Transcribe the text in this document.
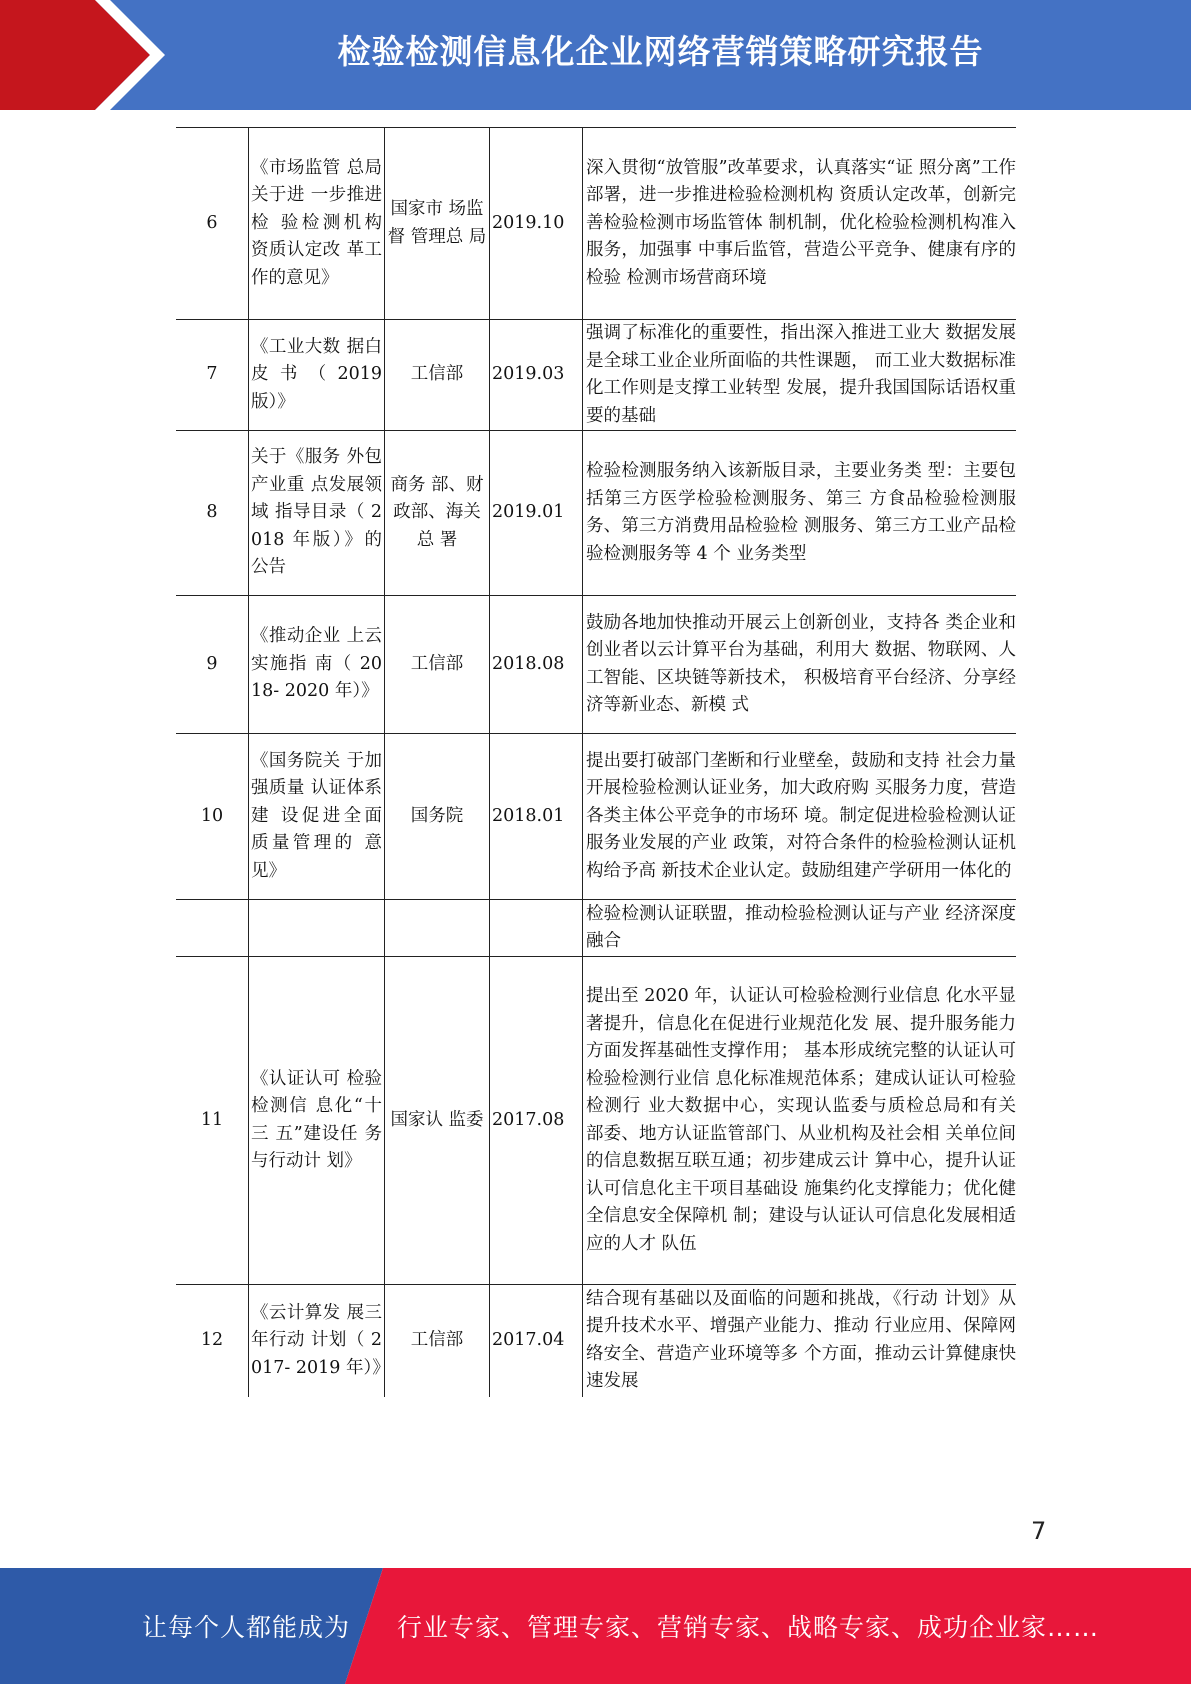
检验检测信息化企业网络营销策略研究报告
6	《市场监管 总局关于进 一步推进检 验检测机构 资质认定改 革工作的意见》	国家市 场监督 管理总 局	2019.10	深入贯彻“放管服”改革要求，认真落实“证 照分离”工作部署，进一步推进检验检测机构 资质认定改革，创新完善检验检测市场监管体 制机制，优化检验检测机构准入服务，加强事 中事后监管，营造公平竞争、健康有序的检验 检测市场营商环境
7	《工业大数 据白皮书（2019 版）》	工信部	2019.03	强调了标准化的重要性，指出深入推进工业大 数据发展是全球工业企业所面临的共性课题， 而工业大数据标准化工作则是支撑工业转型 发展，提升我国国际话语权重要的基础
8	关于《服务 外包产业重 点发展领域 指导目录（ 2018 年版）》的公告	商务 部、财 政部、海关总 署	2019.01	检验检测服务纳入该新版目录，主要业务类 型：主要包括第三方医学检验检测服务、第三 方食品检验检测服务、第三方消费用品检验检 测服务、第三方工业产品检验检测服务等 4 个 业务类型
9	《推动企业 上云实施指 南（ 2018- 2020 年）》	工信部	2018.08	鼓励各地加快推动开展云上创新创业，支持各 类企业和创业者以云计算平台为基础，利用大 数据、物联网、人工智能、区块链等新技术， 积极培育平台经济、分享经济等新业态、新模 式
10	《国务院关 于加强质量 认证体系建 设促进全面 质量管理的 意见》	国务院	2018.01	提出要打破部门垄断和行业壁垒，鼓励和支持 社会力量开展检验检测认证业务，加大政府购 买服务力度，营造各类主体公平竞争的市场环 境。制定促进检验检测认证服务业发展的产业 政策，对符合条件的检验检测认证机构给予高 新技术企业认定。鼓励组建产学研用一体化的
				检验检测认证联盟，推动检验检测认证与产业 经济深度融合
11	《认证认可 检验检测信 息化“十三 五”建设任 务与行动计 划》	国家认 监委	2017.08	提出至 2020 年，认证认可检验检测行业信息 化水平显著提升，信息化在促进行业规范化发 展、提升服务能力方面发挥基础性支撑作用； 基本形成统完整的认证认可检验检测行业信 息化标准规范体系；建成认证认可检验检测行 业大数据中心，实现认监委与质检总局和有关 部委、地方认证监管部门、从业机构及社会相 关单位间的信息数据互联互通；初步建成云计 算中心，提升认证认可信息化主干项目基础设 施集约化支撑能力；优化健全信息安全保障机 制；建设与认证认可信息化发展相适应的人才 队伍
12	《云计算发 展三年行动 计划（ 2017- 2019 年）》	工信部	2017.04	结合现有基础以及面临的问题和挑战，《行动 计划》从提升技术水平、增强产业能力、推动 行业应用、保障网络安全、营造产业环境等多 个方面，推动云计算健康快速发展
7
让每个人都能成为 行业专家、管理专家、营销专家、战略专家、成功企业家……
